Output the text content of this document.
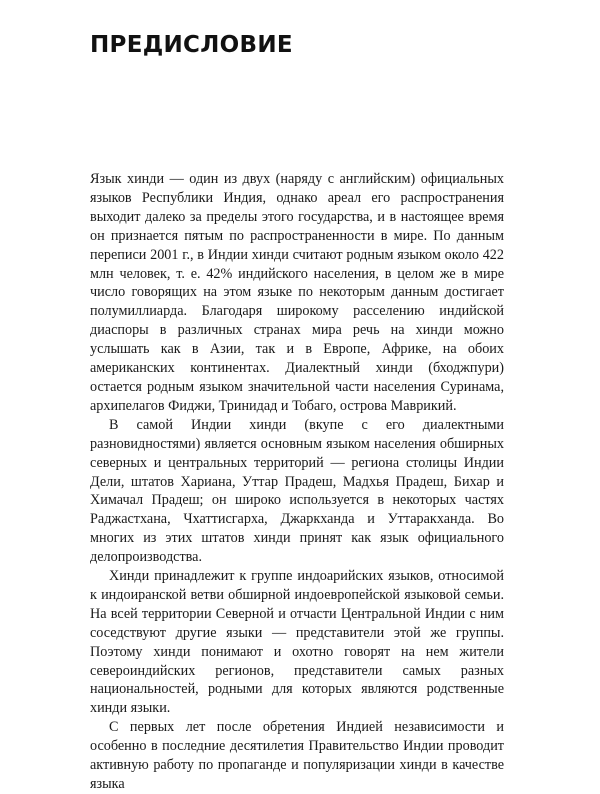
ПРЕДИСЛОВИЕ

Язык хинди — один из двух (наряду с английским) официальных языков Республики Индия, однако ареал его распространения выходит далеко за пределы этого государства, и в настоящее время он признается пятым по распространенности в мире. По данным переписи 2001 г., в Индии хинди считают родным языком около 422 млн человек, т. е. 42% индийского населения, в целом же в мире число говорящих на этом языке по некоторым данным достигает полумиллиарда. Благодаря широкому расселению индийской диаспоры в различных странах мира речь на хинди можно услышать как в Азии, так и в Европе, Африке, на обоих американских континентах. Диалектный хинди (бходжпури) остается родным языком значительной части населения Суринама, архипелагов Фиджи, Тринидад и Тобаго, острова Маврикий.

В самой Индии хинди (вкупе с его диалектными разновидностями) является основным языком населения обширных северных и центральных территорий — региона столицы Индии Дели, штатов Хариана, Уттар Прадеш, Мадхья Прадеш, Бихар и Химачал Прадеш; он широко используется в некоторых частях Раджастхана, Чхаттисгарха, Джаркханда и Уттаракханда. Во многих из этих штатов хинди принят как язык официального делопроизводства.

Хинди принадлежит к группе индоарийских языков, относимой к индоиранской ветви обширной индоевропейской языковой семьи. На всей территории Северной и отчасти Центральной Индии с ним соседствуют другие языки — представители этой же группы. Поэтому хинди понимают и охотно говорят на нем жители североиндийских регионов, представители самых разных национальностей, родными для которых являются родственные хинди языки.

С первых лет после обретения Индией независимости и особенно в последние десятилетия Правительство Индии проводит активную работу по пропаганде и популяризации хинди в качестве языка
